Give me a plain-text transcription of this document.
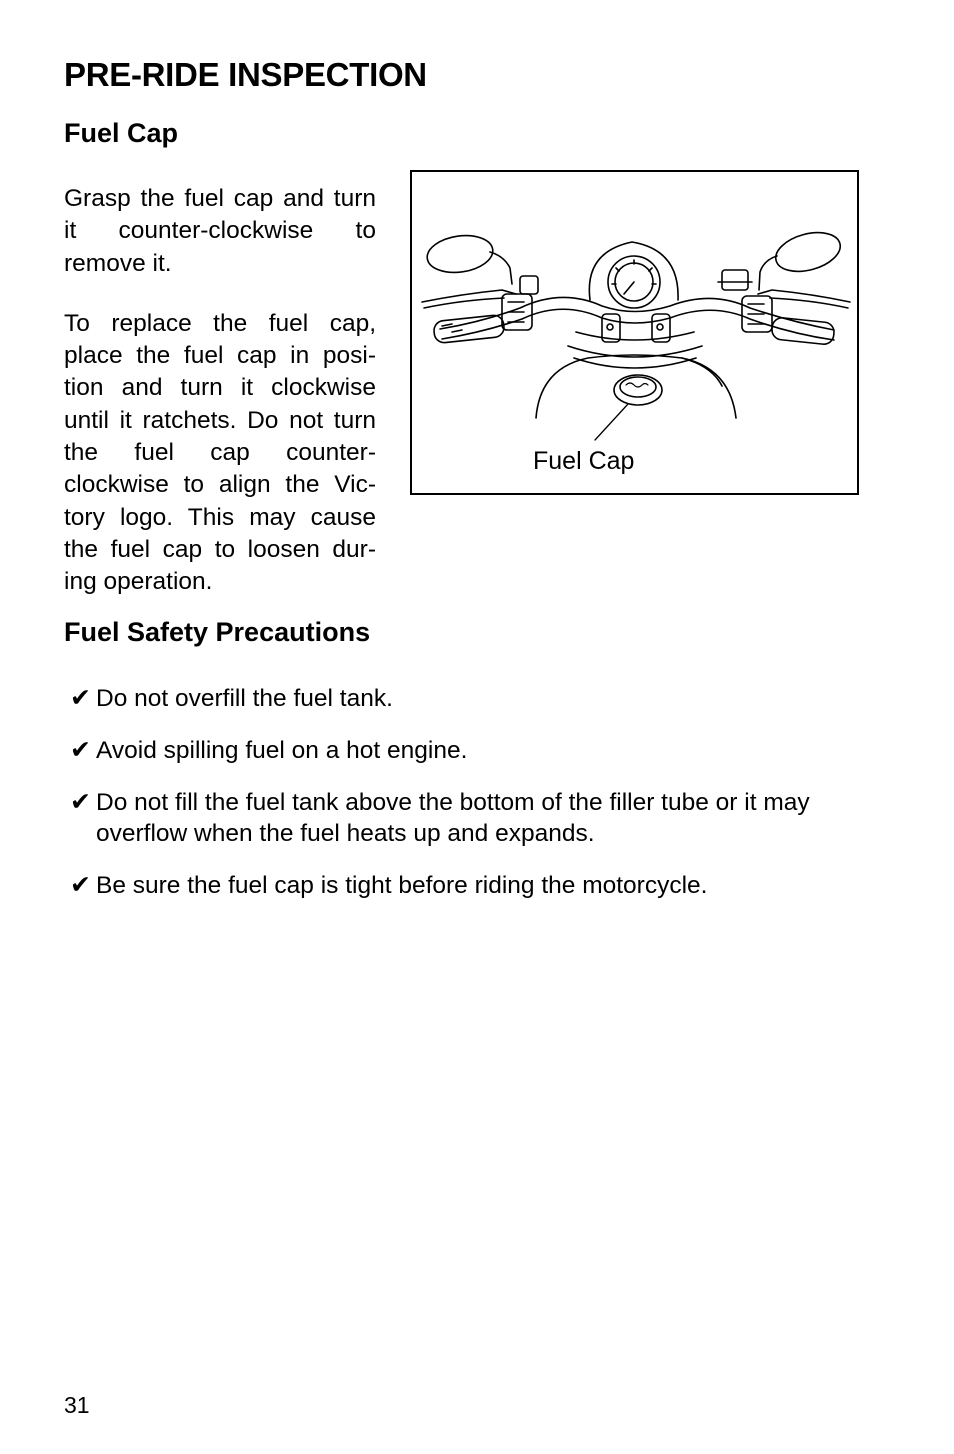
PRE-RIDE INSPECTION
Fuel Cap

Grasp the fuel cap and turn it counter-clockwise to remove it.

To replace the fuel cap, place the fuel cap in posi-tion and turn it clockwise until it ratchets. Do not turn the fuel cap counter-clockwise to align the Vic-tory logo. This may cause the fuel cap to loosen dur-ing operation.

Fuel Cap
Fuel Safety Precautions
✔ Do not overfill the fuel tank.
✔ Avoid spilling fuel on a hot engine.
✔ Do not fill the fuel tank above the bottom of the filler tube or it may overflow when the fuel heats up and expands.
✔ Be sure the fuel cap is tight before riding the motorcycle.
31
